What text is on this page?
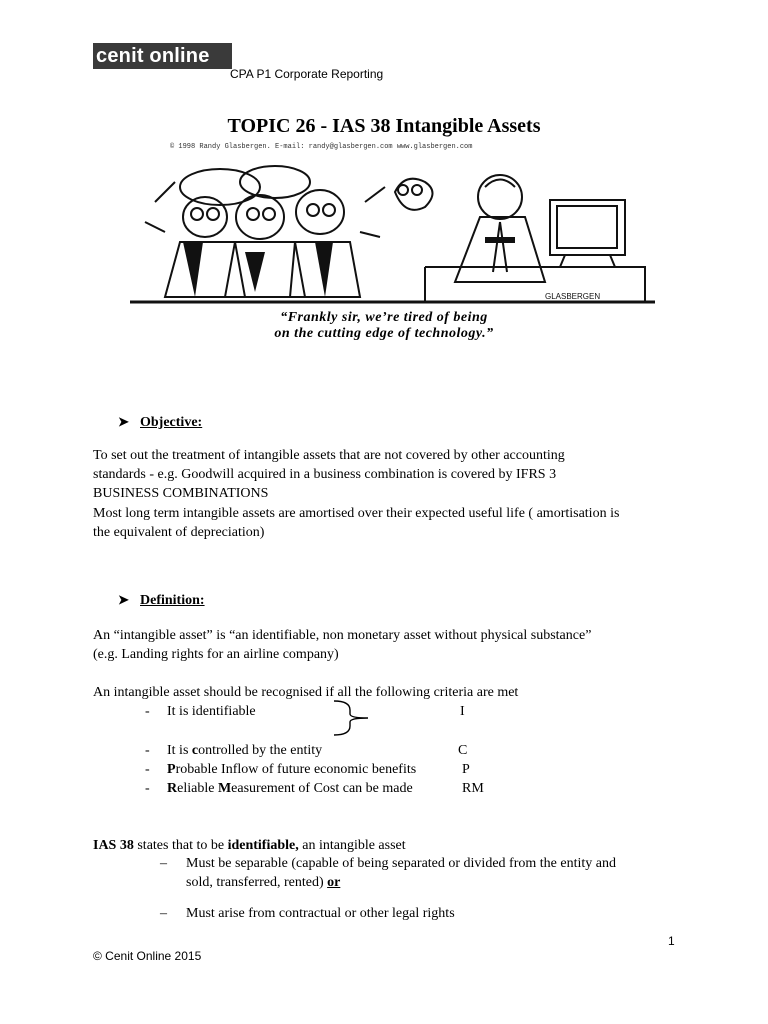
cenit online
CPA P1 Corporate Reporting
TOPIC 26 - IAS 38 Intangible Assets
© 1998 Randy Glasbergen. E-mail: randy@glasbergen.com www.glasbergen.com
GLASBERGEN
“Frankly sir, we’re tired of being
on the cutting edge of technology.”
➤ Objective:
To set out the treatment of intangible assets that are not covered by other accounting
standards - e.g. Goodwill acquired in a business combination is covered by IFRS 3
BUSINESS COMBINATIONS
Most long term intangible assets are amortised over their expected useful life ( amortisation is
the equivalent of depreciation)
➤ Definition:
An “intangible asset” is “an identifiable, non monetary asset without physical substance”
(e.g. Landing rights for an airline company)
An intangible asset should be recognised if all the following criteria are met
- It is identifiable	I
- It is controlled by the entity	C
- Probable Inflow of future economic benefits	P
- Reliable Measurement of Cost can be made	RM
IAS 38 states that to be identifiable, an intangible asset
– Must be separable (capable of being separated or divided from the entity and
sold, transferred, rented) or
– Must arise from contractual or other legal rights
1
© Cenit Online 2015
